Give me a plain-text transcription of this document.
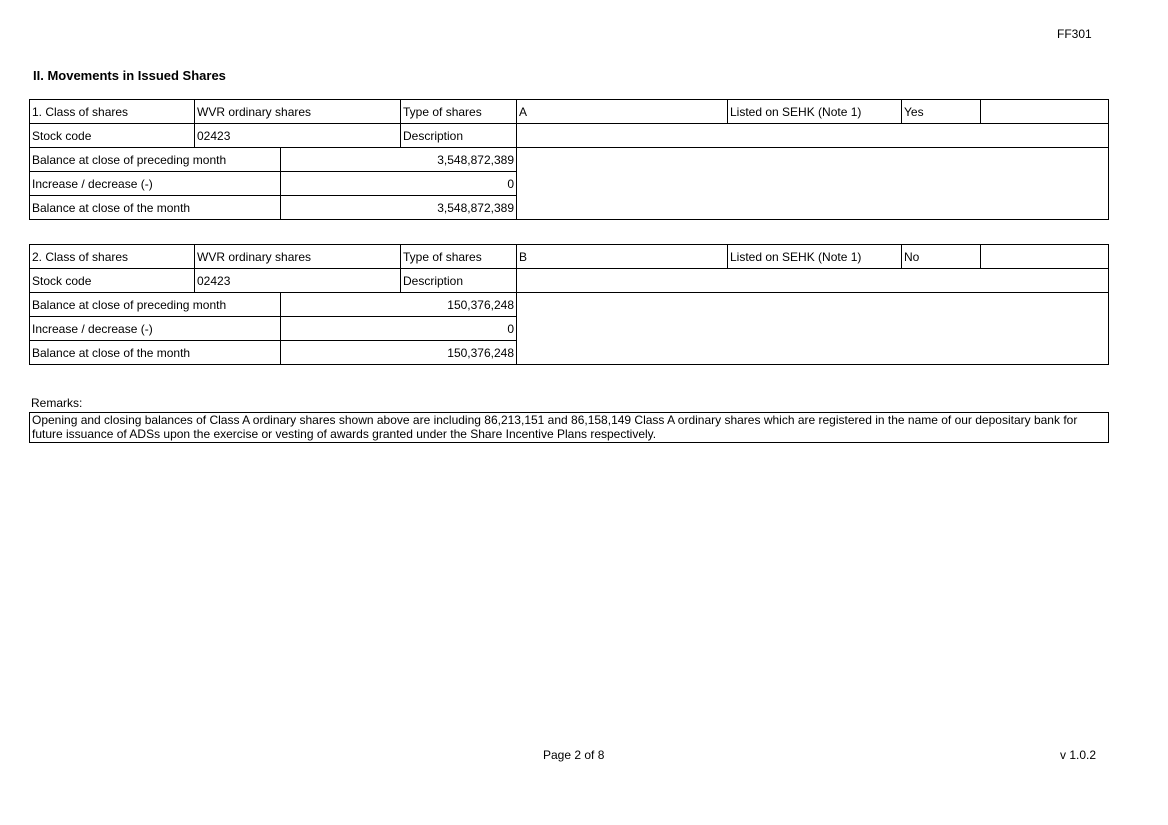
FF301
II. Movements in Issued Shares
1. Class of shares	WVR ordinary shares		Type of shares	A	Listed on SEHK (Note 1)	Yes	
Stock code	02423		Description				
Balance at close of preceding month		3,548,872,389					
Increase / decrease (-)		0					
Balance at close of the month		3,548,872,389					
2. Class of shares	WVR ordinary shares		Type of shares	B	Listed on SEHK (Note 1)	No	
Stock code	02423		Description				
Balance at close of preceding month		150,376,248					
Increase / decrease (-)		0					
Balance at close of the month		150,376,248					
Remarks:
Opening and closing balances of Class A ordinary shares shown above are including 86,213,151 and 86,158,149 Class A ordinary shares which are registered in the name of our depositary bank for future issuance of ADSs upon the exercise or vesting of awards granted under the Share Incentive Plans respectively.
Page 2 of 8	v 1.0.2
